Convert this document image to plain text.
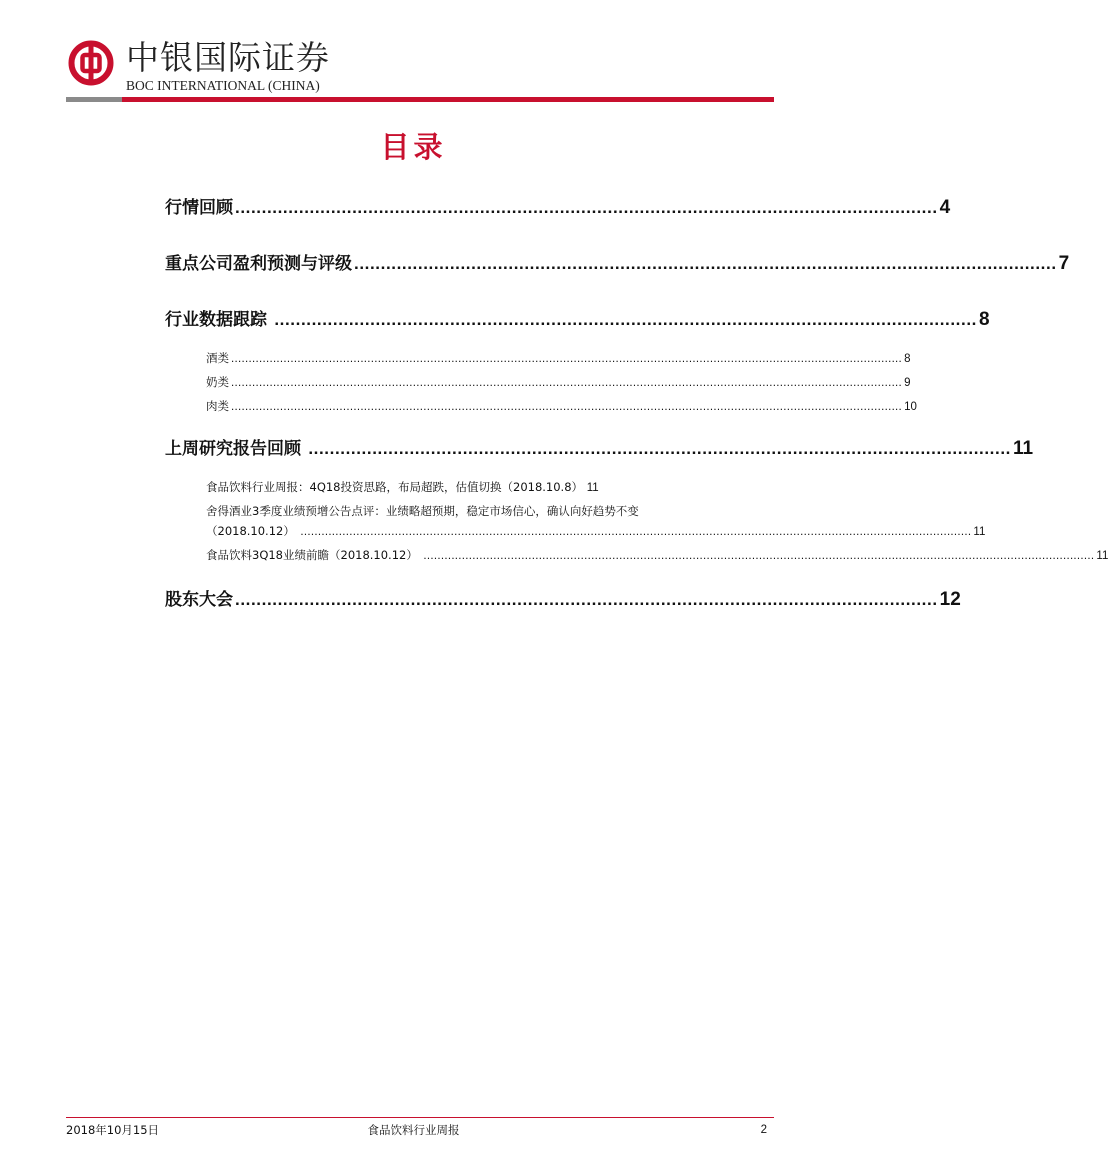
中银国际证券
BOC INTERNATIONAL (CHINA)
目录
行情回顾 .................................................................................................................................... 4
重点公司盈利预测与评级 .................................................................................................................................... 7
行业数据跟踪 .................................................................................................................................... 8
酒类 ................................................................................................................................................................................................ 8
奶类 ................................................................................................................................................................................................ 9
肉类 ................................................................................................................................................................................................ 10
上周研究报告回顾 .................................................................................................................................... 11
食品饮料行业周报：4Q18投资思路，布局超跌，估值切换（2018.10.8） 11
舍得酒业3季度业绩预增公告点评：业绩略超预期，稳定市场信心，确认向好趋势不变
（2018.10.12） ................................................................................................................................................................................................ 11
食品饮料3Q18业绩前瞻（2018.10.12） ................................................................................................................................................................................................ 11
股东大会 .................................................................................................................................... 12
2018年10月15日	食品饮料行业周报	2
